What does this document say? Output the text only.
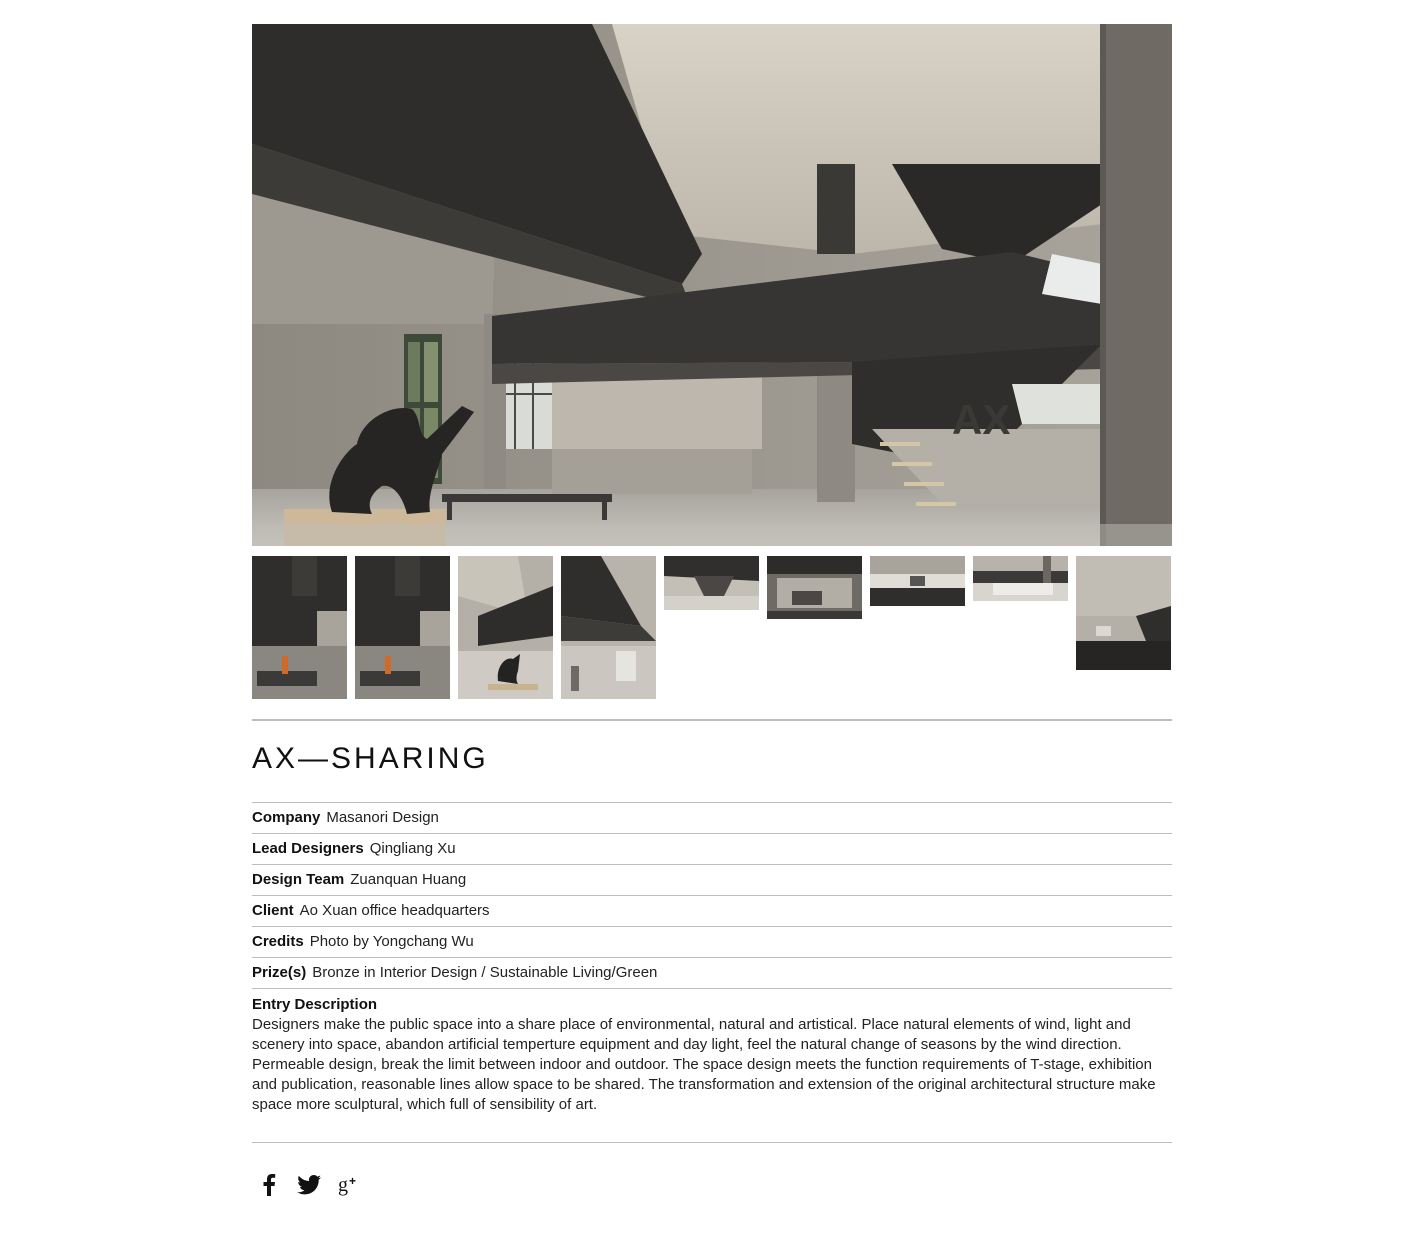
AX
AX—SHARING
Company Masanori Design
Lead Designers Qingliang Xu
Design Team Zuanquan Huang
Client Ao Xuan office headquarters
Credits Photo by Yongchang Wu
Prize(s) Bronze in Interior Design / Sustainable Living/Green
Entry Description
Designers make the public space into a share place of environmental, natural and artistical. Place natural elements of wind, light and scenery into space, abandon artificial temperture equipment and day light, feel the natural change of seasons by the wind direction. Permeable design, break the limit between indoor and outdoor. The space design meets the function requirements of T-stage, exhibition and publication, reasonable lines allow space to be shared. The transformation and extension of the original architectural structure make space more sculptural, which full of sensibility of art.
g +
